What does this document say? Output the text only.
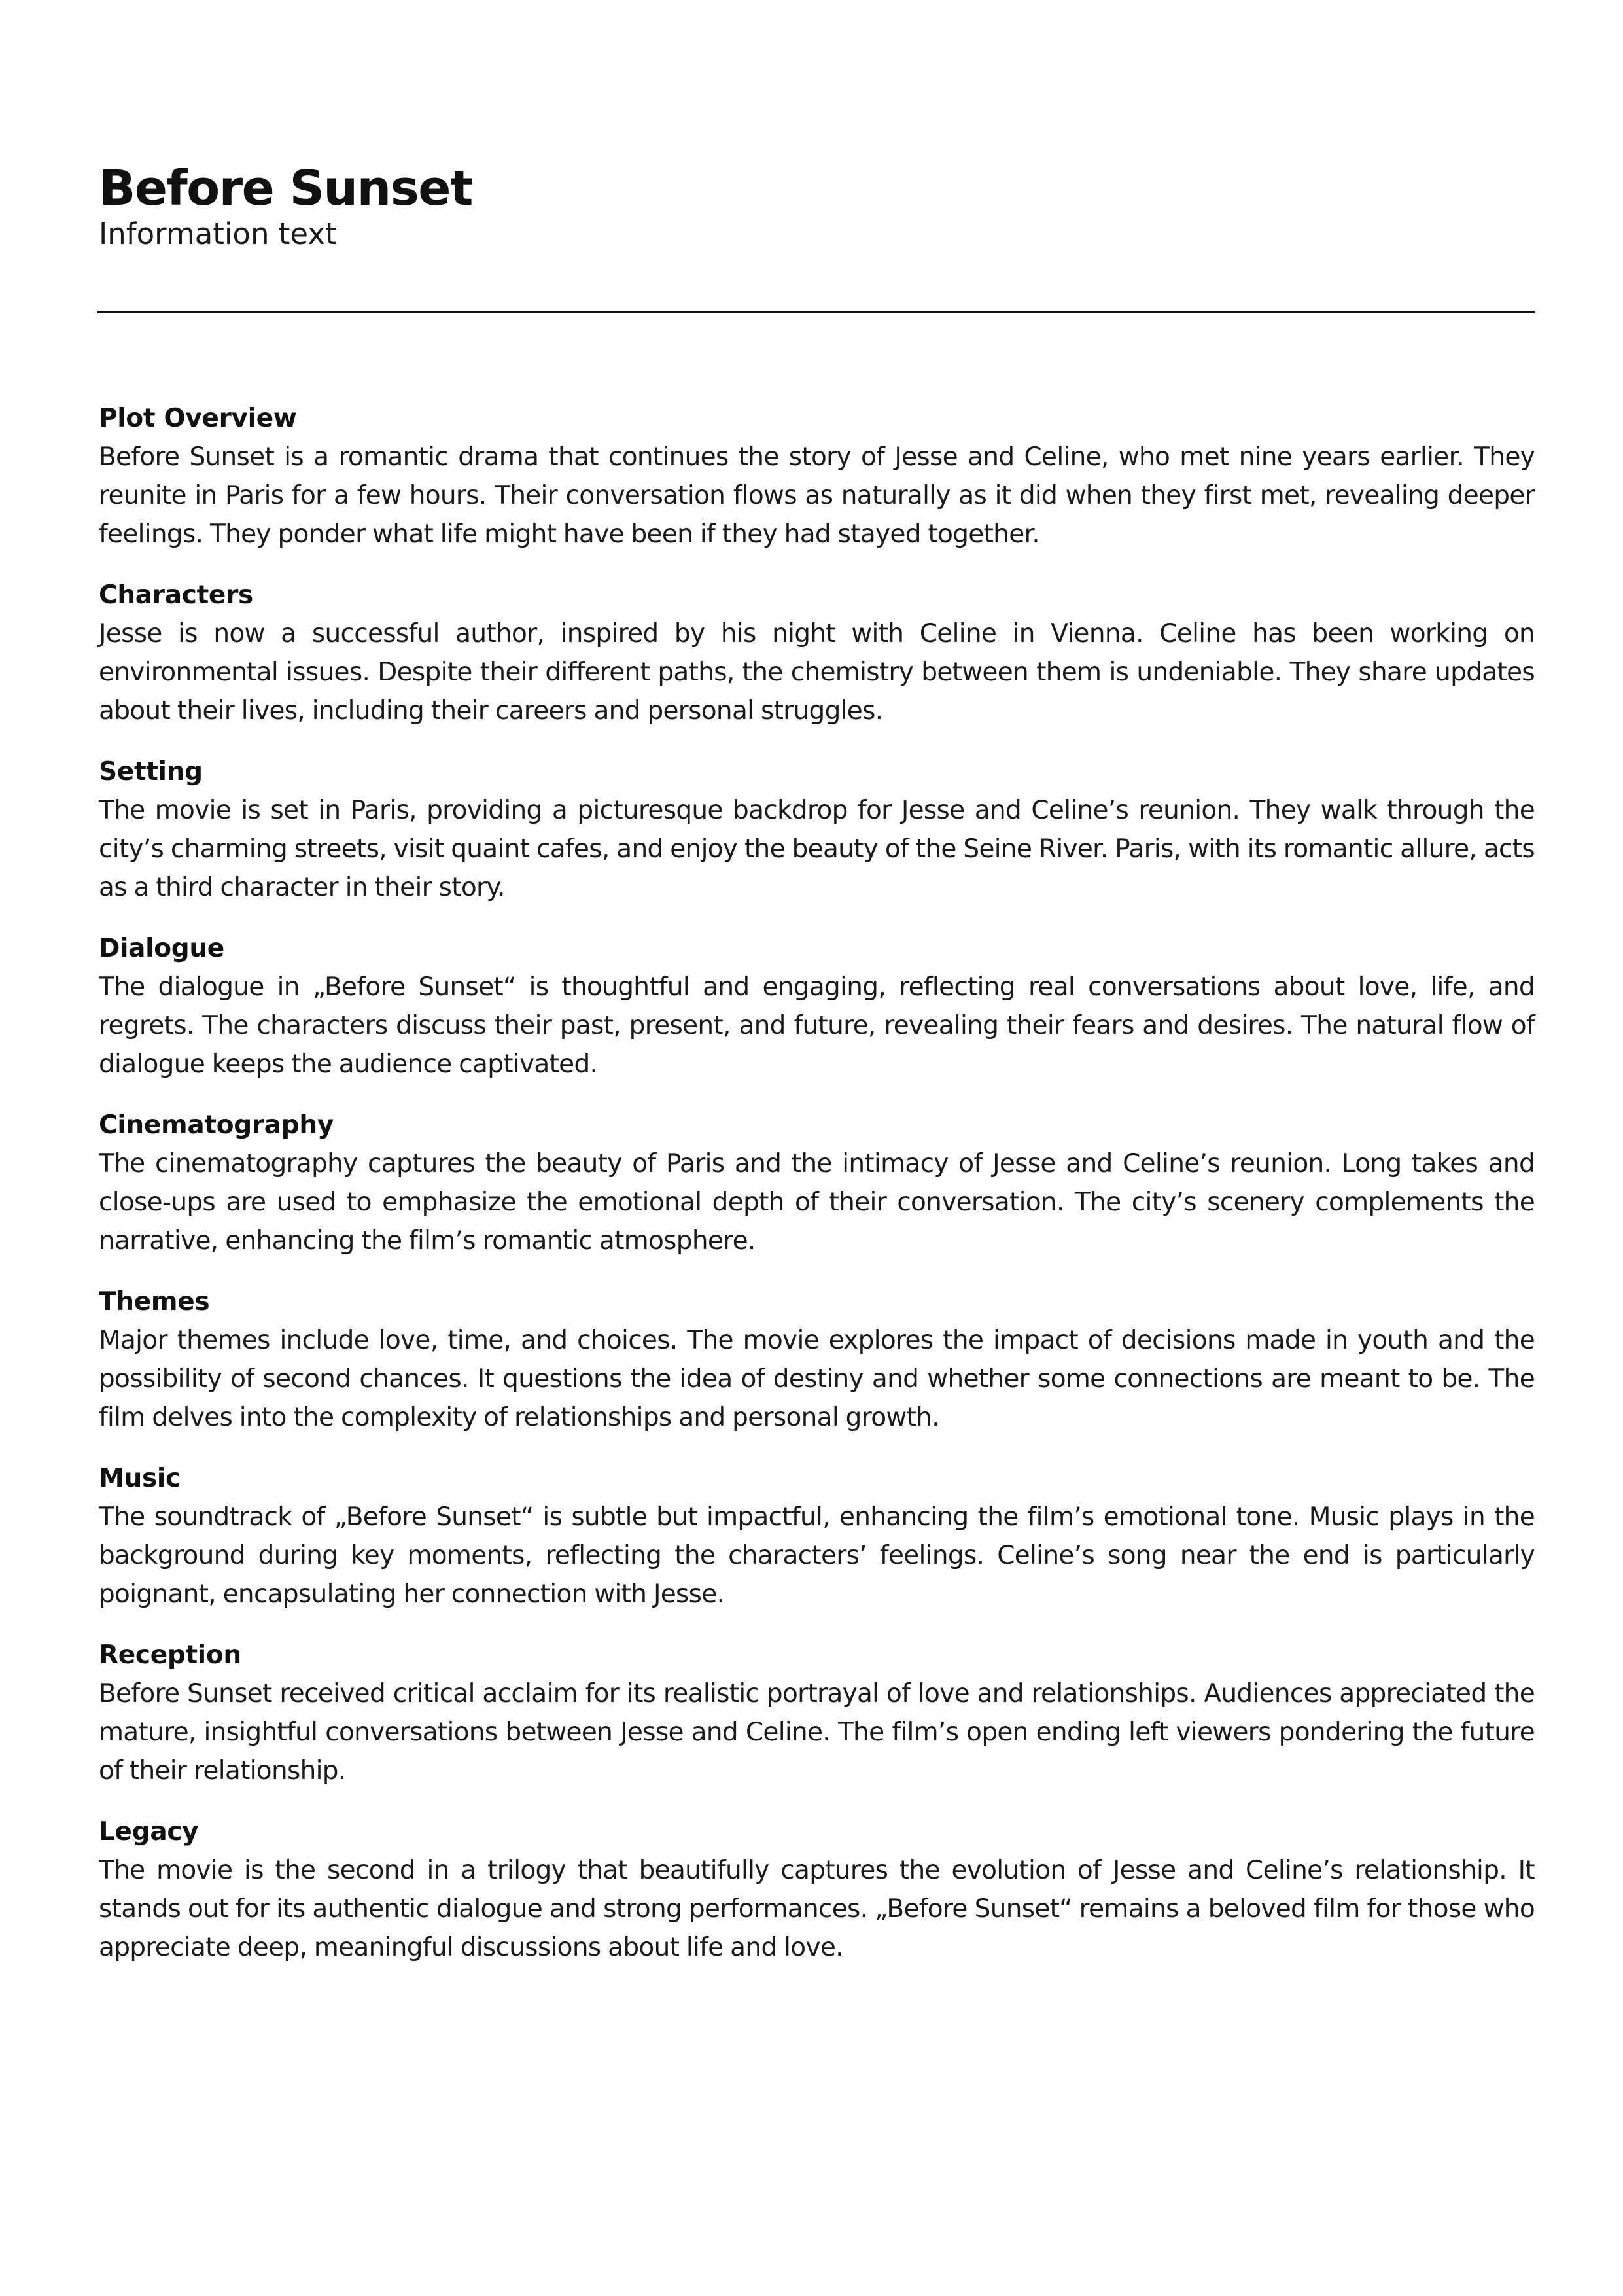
Before Sunset

Information text

Plot Overview

Before Sunset is a romantic drama that continues the story of Jesse and Celine, who met nine years earlier. They reunite in Paris for a few hours. Their conversation flows as naturally as it did when they first met, revealing deeper feelings. They ponder what life might have been if they had stayed together.

Characters

Jesse is now a successful author, inspired by his night with Celine in Vienna. Celine has been working on environmental issues. Despite their different paths, the chemistry between them is undeniable. They share updates about their lives, including their careers and personal struggles.

Setting

The movie is set in Paris, providing a picturesque backdrop for Jesse and Celine’s reunion. They walk through the city’s charming streets, visit quaint cafes, and enjoy the beauty of the Seine River. Paris, with its romantic allure, acts as a third character in their story.

Dialogue

The dialogue in „Before Sunset“ is thoughtful and engaging, reflecting real conversations about love, life, and regrets. The characters discuss their past, present, and future, revealing their fears and desires. The natural flow of dialogue keeps the audience captivated.

Cinematography

The cinematography captures the beauty of Paris and the intimacy of Jesse and Celine’s reunion. Long takes and close-ups are used to emphasize the emotional depth of their conversation. The city’s scenery complements the narrative, enhancing the film’s romantic atmosphere.

Themes

Major themes include love, time, and choices. The movie explores the impact of decisions made in youth and the possibility of second chances. It questions the idea of destiny and whether some connections are meant to be. The film delves into the complexity of relationships and personal growth.

Music

The soundtrack of „Before Sunset“ is subtle but impactful, enhancing the film’s emotional tone. Music plays in the background during key moments, reflecting the characters’ feelings. Celine’s song near the end is particularly poignant, encapsulating her connection with Jesse.

Reception

Before Sunset received critical acclaim for its realistic portrayal of love and relationships. Audiences appreciated the mature, insightful conversations between Jesse and Celine. The film’s open ending left viewers pondering the future of their relationship.

Legacy

The movie is the second in a trilogy that beautifully captures the evolution of Jesse and Celine’s relationship. It stands out for its authentic dialogue and strong performances. „Before Sunset“ remains a beloved film for those who appreciate deep, meaningful discussions about life and love.
